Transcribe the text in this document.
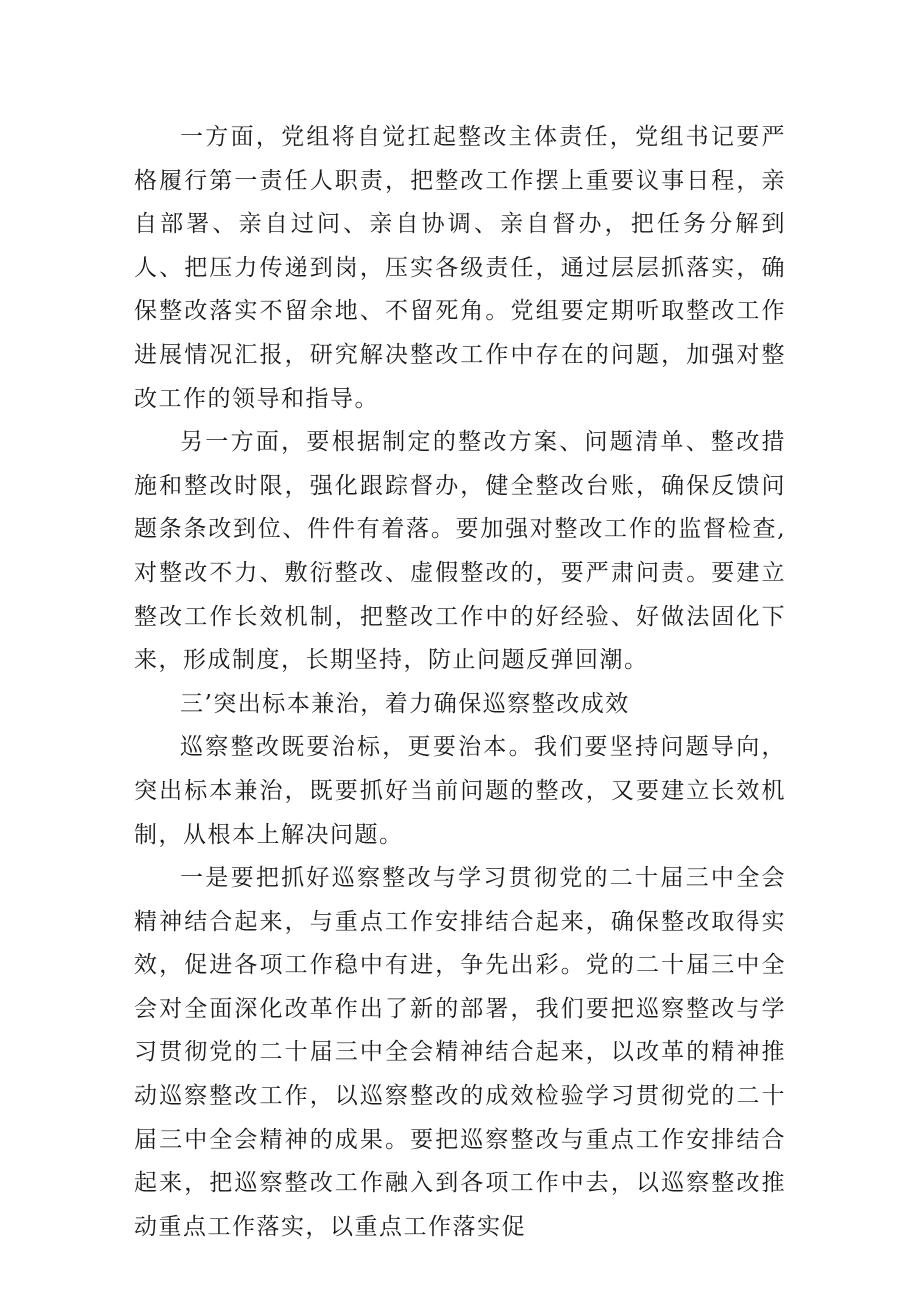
一方面，党组将自觉扛起整改主体责任，党组书记要严格履行第一责任人职责，把整改工作摆上重要议事日程，亲自部署、亲自过问、亲自协调、亲自督办，把任务分解到人、把压力传递到岗，压实各级责任，通过层层抓落实，确保整改落实不留余地、不留死角。党组要定期听取整改工作进展情况汇报，研究解决整改工作中存在的问题，加强对整改工作的领导和指导。

另一方面，要根据制定的整改方案、问题清单、整改措施和整改时限，强化跟踪督办，健全整改台账，确保反馈问题条条改到位、件件有着落。要加强对整改工作的监督检查,对整改不力、敷衍整改、虚假整改的，要严肃问责。要建立整改工作长效机制，把整改工作中的好经验、好做法固化下来，形成制度，长期坚持，防止问题反弹回潮。

三’突出标本兼治，着力确保巡察整改成效

巡察整改既要治标，更要治本。我们要坚持问题导向，突出标本兼治，既要抓好当前问题的整改，又要建立长效机制，从根本上解决问题。

一是要把抓好巡察整改与学习贯彻党的二十届三中全会精神结合起来，与重点工作安排结合起来，确保整改取得实效，促进各项工作稳中有进，争先出彩。党的二十届三中全会对全面深化改革作出了新的部署，我们要把巡察整改与学习贯彻党的二十届三中全会精神结合起来，以改革的精神推动巡察整改工作，以巡察整改的成效检验学习贯彻党的二十届三中全会精神的成果。要把巡察整改与重点工作安排结合起来，把巡察整改工作融入到各项工作中去，以巡察整改推动重点工作落实，以重点工作落实促
